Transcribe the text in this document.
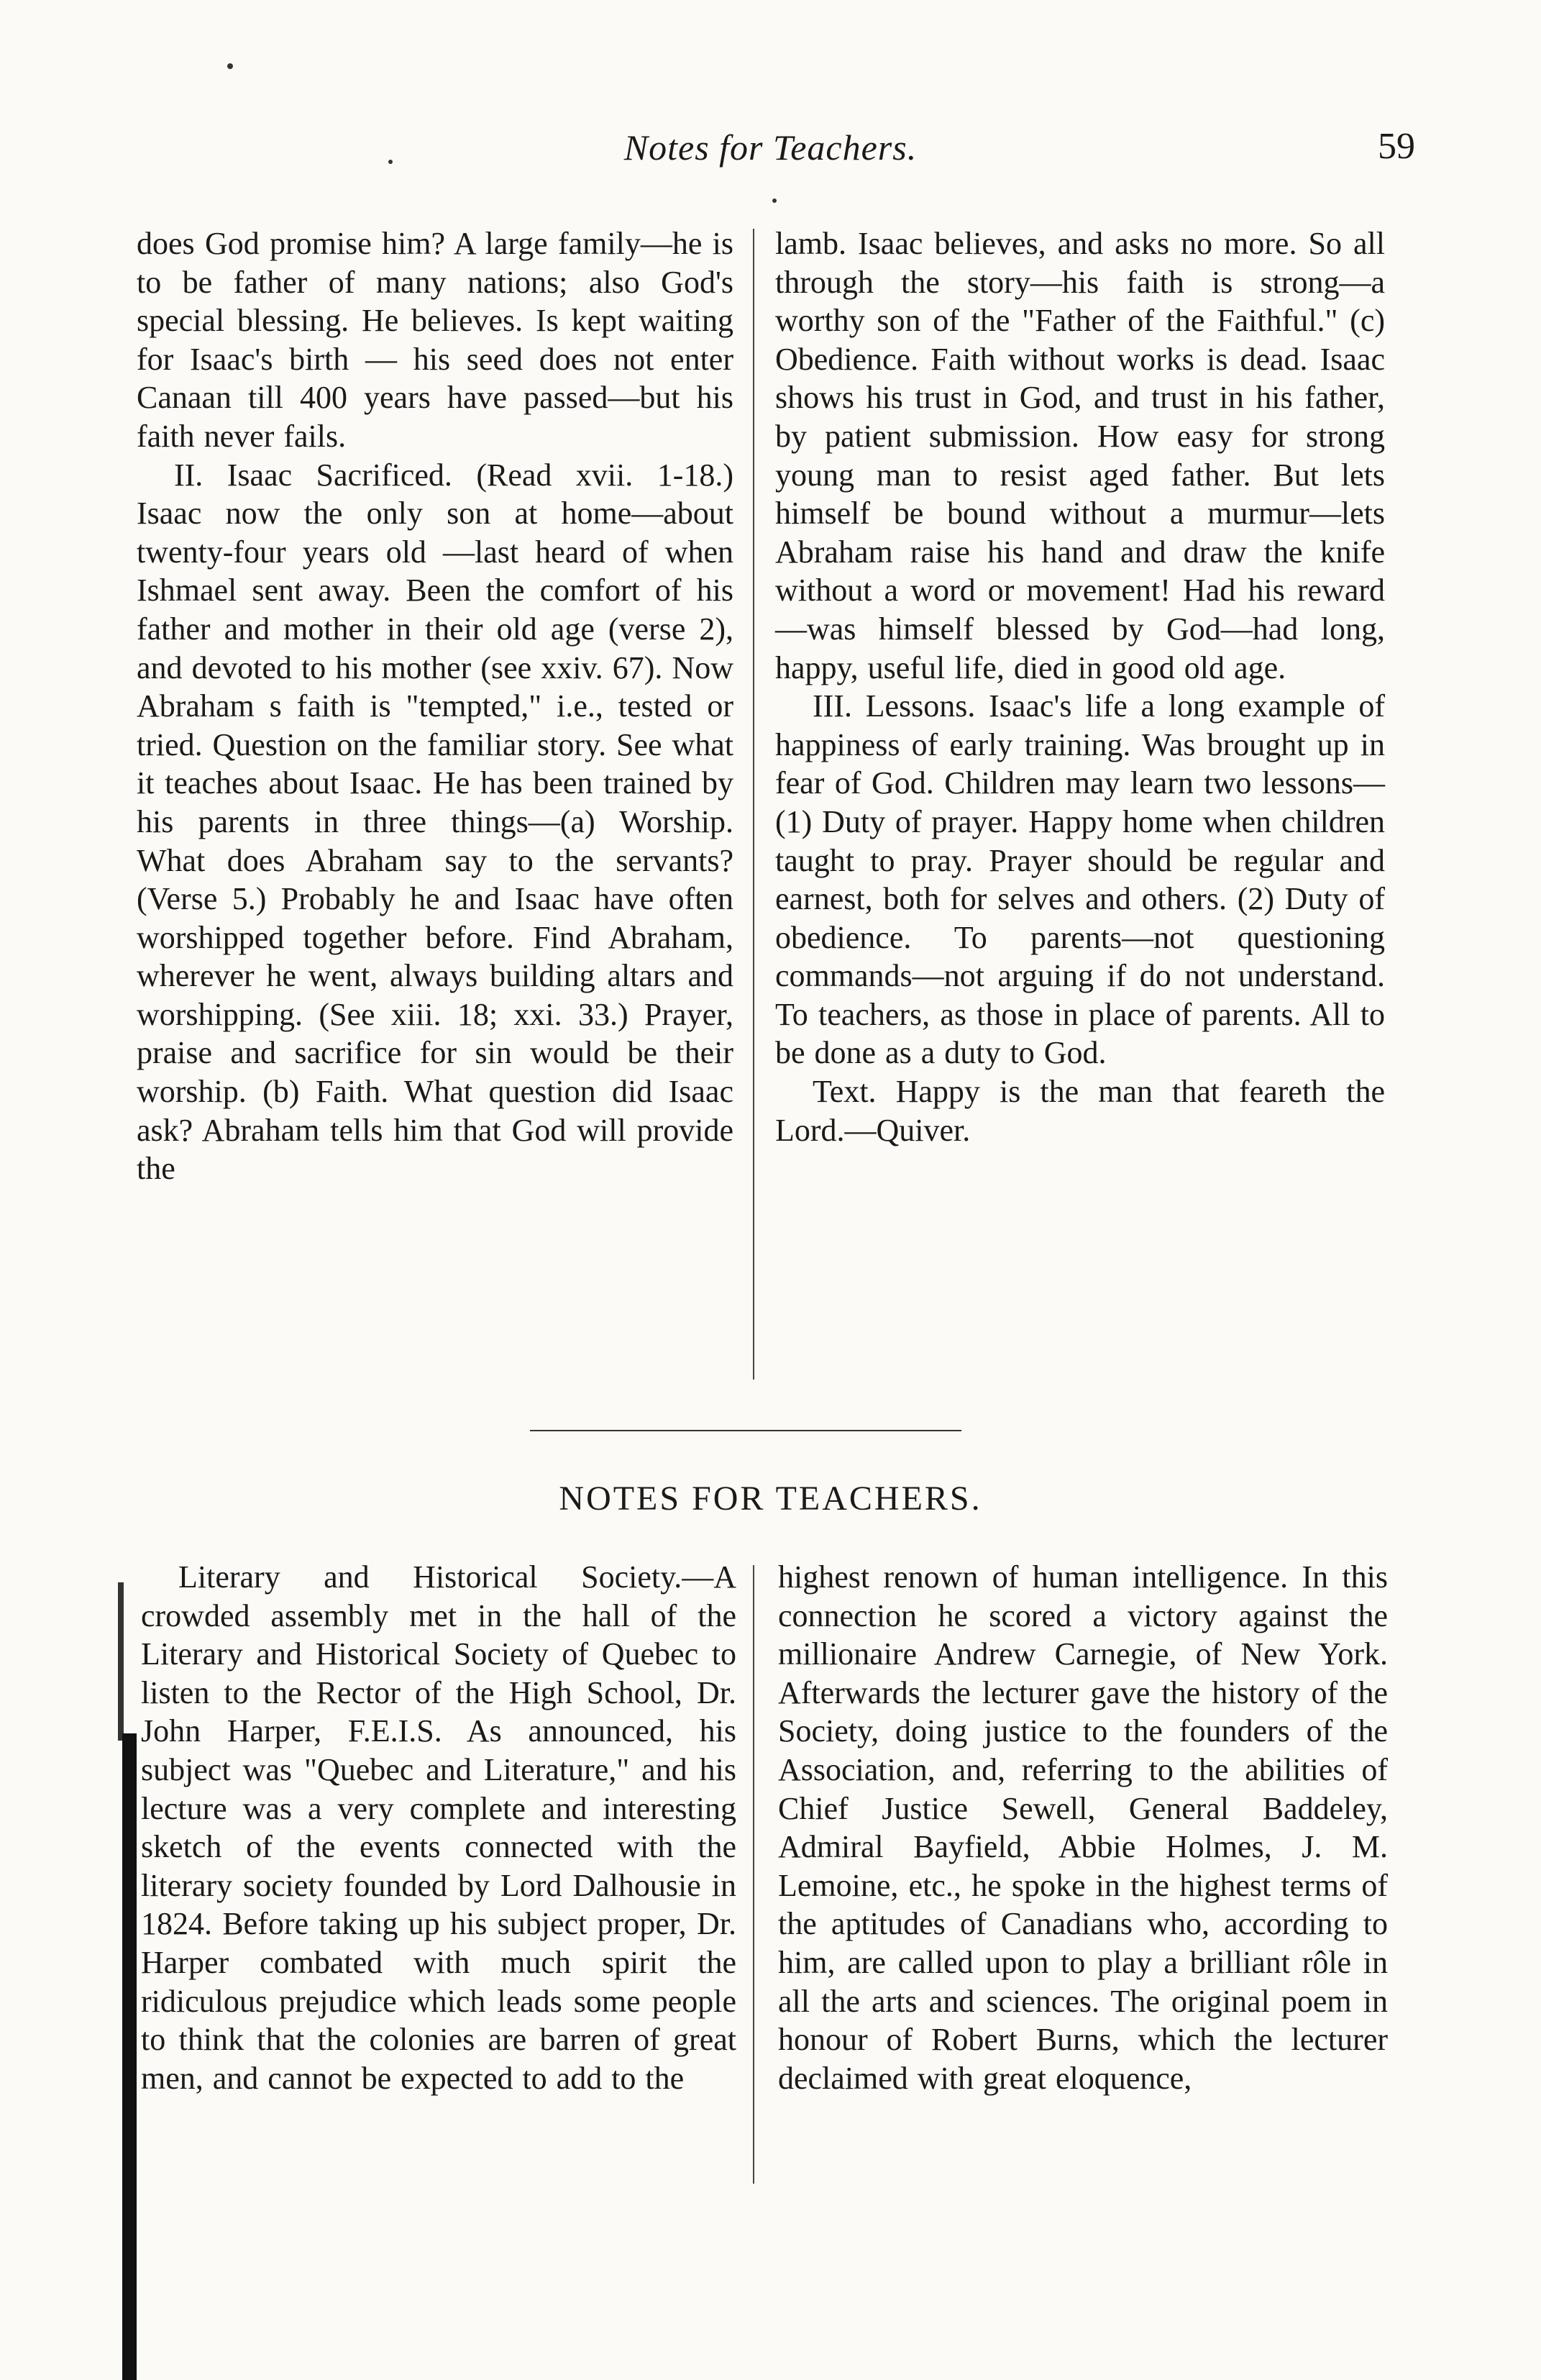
Notes for Teachers.	59

does God promise him? A large family—he is to be father of many nations; also God's special blessing. He believes. Is kept waiting for Isaac's birth — his seed does not enter Canaan till 400 years have passed—but his faith never fails.

II. Isaac Sacrificed. (Read xvii. 1-18.) Isaac now the only son at home—about twenty-four years old —last heard of when Ishmael sent away. Been the comfort of his father and mother in their old age (verse 2), and devoted to his mother (see xxiv. 67). Now Abraham s faith is "tempted," i.e., tested or tried. Question on the familiar story. See what it teaches about Isaac. He has been trained by his parents in three things—(a) Worship. What does Abraham say to the servants? (Verse 5.) Probably he and Isaac have often worshipped together before. Find Abraham, wherever he went, always building altars and worshipping. (See xiii. 18; xxi. 33.) Prayer, praise and sacrifice for sin would be their worship. (b) Faith. What question did Isaac ask? Abraham tells him that God will provide the

lamb. Isaac believes, and asks no more. So all through the story—his faith is strong—a worthy son of the "Father of the Faithful." (c) Obedience. Faith without works is dead. Isaac shows his trust in God, and trust in his father, by patient submission. How easy for strong young man to resist aged father. But lets himself be bound without a murmur—lets Abraham raise his hand and draw the knife without a word or movement! Had his reward—was himself blessed by God—had long, happy, useful life, died in good old age.

III. Lessons. Isaac's life a long example of happiness of early training. Was brought up in fear of God. Children may learn two lessons—(1) Duty of prayer. Happy home when children taught to pray. Prayer should be regular and earnest, both for selves and others. (2) Duty of obedience. To parents—not questioning commands—not arguing if do not understand. To teachers, as those in place of parents. All to be done as a duty to God.

Text. Happy is the man that feareth the Lord.—Quiver.

NOTES FOR TEACHERS.

Literary and Historical Society.—A crowded assembly met in the hall of the Literary and Historical Society of Quebec to listen to the Rector of the High School, Dr. John Harper, F.E.I.S. As announced, his subject was "Quebec and Literature," and his lecture was a very complete and interesting sketch of the events connected with the literary society founded by Lord Dalhousie in 1824. Before taking up his subject proper, Dr. Harper combated with much spirit the ridiculous prejudice which leads some people to think that the colonies are barren of great men, and cannot be expected to add to the

highest renown of human intelligence. In this connection he scored a victory against the millionaire Andrew Carnegie, of New York. Afterwards the lecturer gave the history of the Society, doing justice to the founders of the Association, and, referring to the abilities of Chief Justice Sewell, General Baddeley, Admiral Bayfield, Abbie Holmes, J. M. Lemoine, etc., he spoke in the highest terms of the aptitudes of Canadians who, according to him, are called upon to play a brilliant rôle in all the arts and sciences. The original poem in honour of Robert Burns, which the lecturer declaimed with great eloquence,
